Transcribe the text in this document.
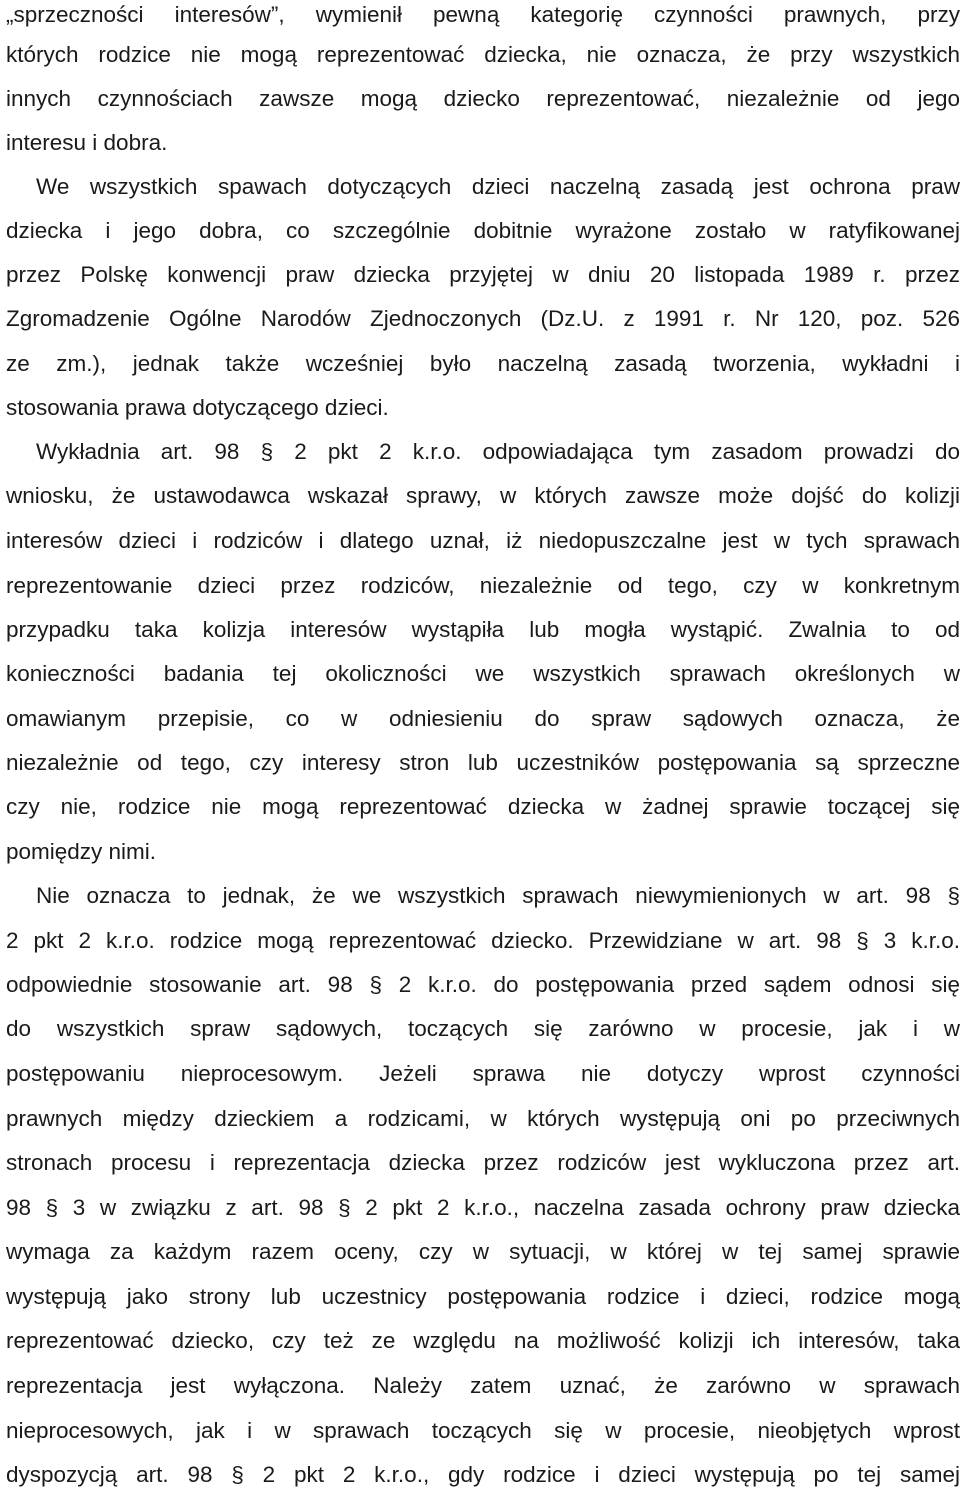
„sprzeczności interesów”, wymienił pewną kategorię czynności prawnych, przy
których rodzice nie mogą reprezentować dziecka, nie oznacza, że przy wszystkich
innych czynnościach zawsze mogą dziecko reprezentować, niezależnie od jego
interesu i dobra.
We wszystkich spawach dotyczących dzieci naczelną zasadą jest ochrona praw
dziecka i jego dobra, co szczególnie dobitnie wyrażone zostało w ratyfikowanej
przez Polskę konwencji praw dziecka przyjętej w dniu 20 listopada 1989 r. przez
Zgromadzenie Ogólne Narodów Zjednoczonych (Dz.U. z 1991 r. Nr 120, poz. 526
ze zm.), jednak także wcześniej było naczelną zasadą tworzenia, wykładni i
stosowania prawa dotyczącego dzieci.
Wykładnia art. 98 § 2 pkt 2 k.r.o. odpowiadająca tym zasadom prowadzi do
wniosku, że ustawodawca wskazał sprawy, w których zawsze może dojść do kolizji
interesów dzieci i rodziców i dlatego uznał, iż niedopuszczalne jest w tych sprawach
reprezentowanie dzieci przez rodziców, niezależnie od tego, czy w konkretnym
przypadku taka kolizja interesów wystąpiła lub mogła wystąpić. Zwalnia to od
konieczności badania tej okoliczności we wszystkich sprawach określonych w
omawianym przepisie, co w odniesieniu do spraw sądowych oznacza, że
niezależnie od tego, czy interesy stron lub uczestników postępowania są sprzeczne
czy nie, rodzice nie mogą reprezentować dziecka w żadnej sprawie toczącej się
pomiędzy nimi.
Nie oznacza to jednak, że we wszystkich sprawach niewymienionych w art. 98 §
2 pkt 2 k.r.o. rodzice mogą reprezentować dziecko. Przewidziane w art. 98 § 3 k.r.o.
odpowiednie stosowanie art. 98 § 2 k.r.o. do postępowania przed sądem odnosi się
do wszystkich spraw sądowych, toczących się zarówno w procesie, jak i w
postępowaniu nieprocesowym. Jeżeli sprawa nie dotyczy wprost czynności
prawnych między dzieckiem a rodzicami, w których występują oni po przeciwnych
stronach procesu i reprezentacja dziecka przez rodziców jest wykluczona przez art.
98 § 3 w związku z art. 98 § 2 pkt 2 k.r.o., naczelna zasada ochrony praw dziecka
wymaga za każdym razem oceny, czy w sytuacji, w której w tej samej sprawie
występują jako strony lub uczestnicy postępowania rodzice i dzieci, rodzice mogą
reprezentować dziecko, czy też ze względu na możliwość kolizji ich interesów, taka
reprezentacja jest wyłączona. Należy zatem uznać, że zarówno w sprawach
nieprocesowych, jak i w sprawach toczących się w procesie, nieobjętych wprost
dyspozycją art. 98 § 2 pkt 2 k.r.o., gdy rodzice i dzieci występują po tej samej
